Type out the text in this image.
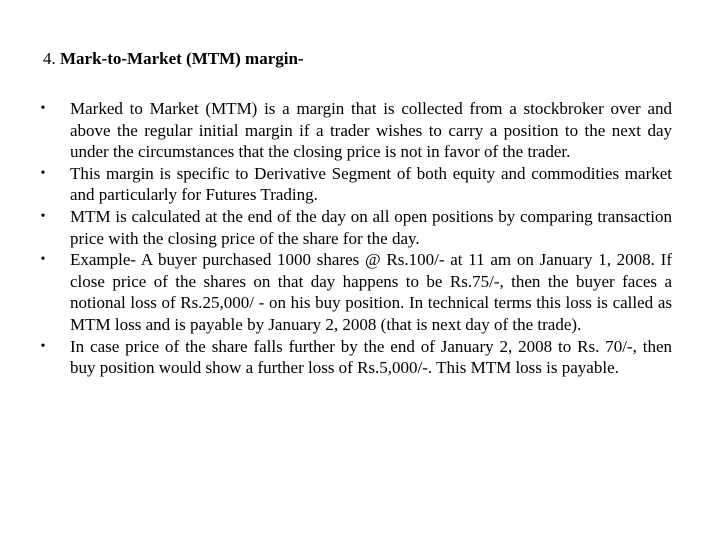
4. Mark-to-Market (MTM) margin-
• Marked to Market (MTM) is a margin that is collected from a stockbroker over and above the regular initial margin if a trader wishes to carry a position to the next day under the circumstances that the closing price is not in favor of the trader.
• This margin is specific to Derivative Segment of both equity and commodities market and particularly for Futures Trading.
• MTM is calculated at the end of the day on all open positions by comparing transaction price with the closing price of the share for the day.
• Example- A buyer purchased 1000 shares @ Rs.100/- at 11 am on January 1, 2008. If close price of the shares on that day happens to be Rs.75/-, then the buyer faces a notional loss of Rs.25,000/ - on his buy position. In technical terms this loss is called as MTM loss and is payable by January 2, 2008 (that is next day of the trade).
• In case price of the share falls further by the end of January 2, 2008 to Rs. 70/-, then buy position would show a further loss of Rs.5,000/-. This MTM loss is payable.
